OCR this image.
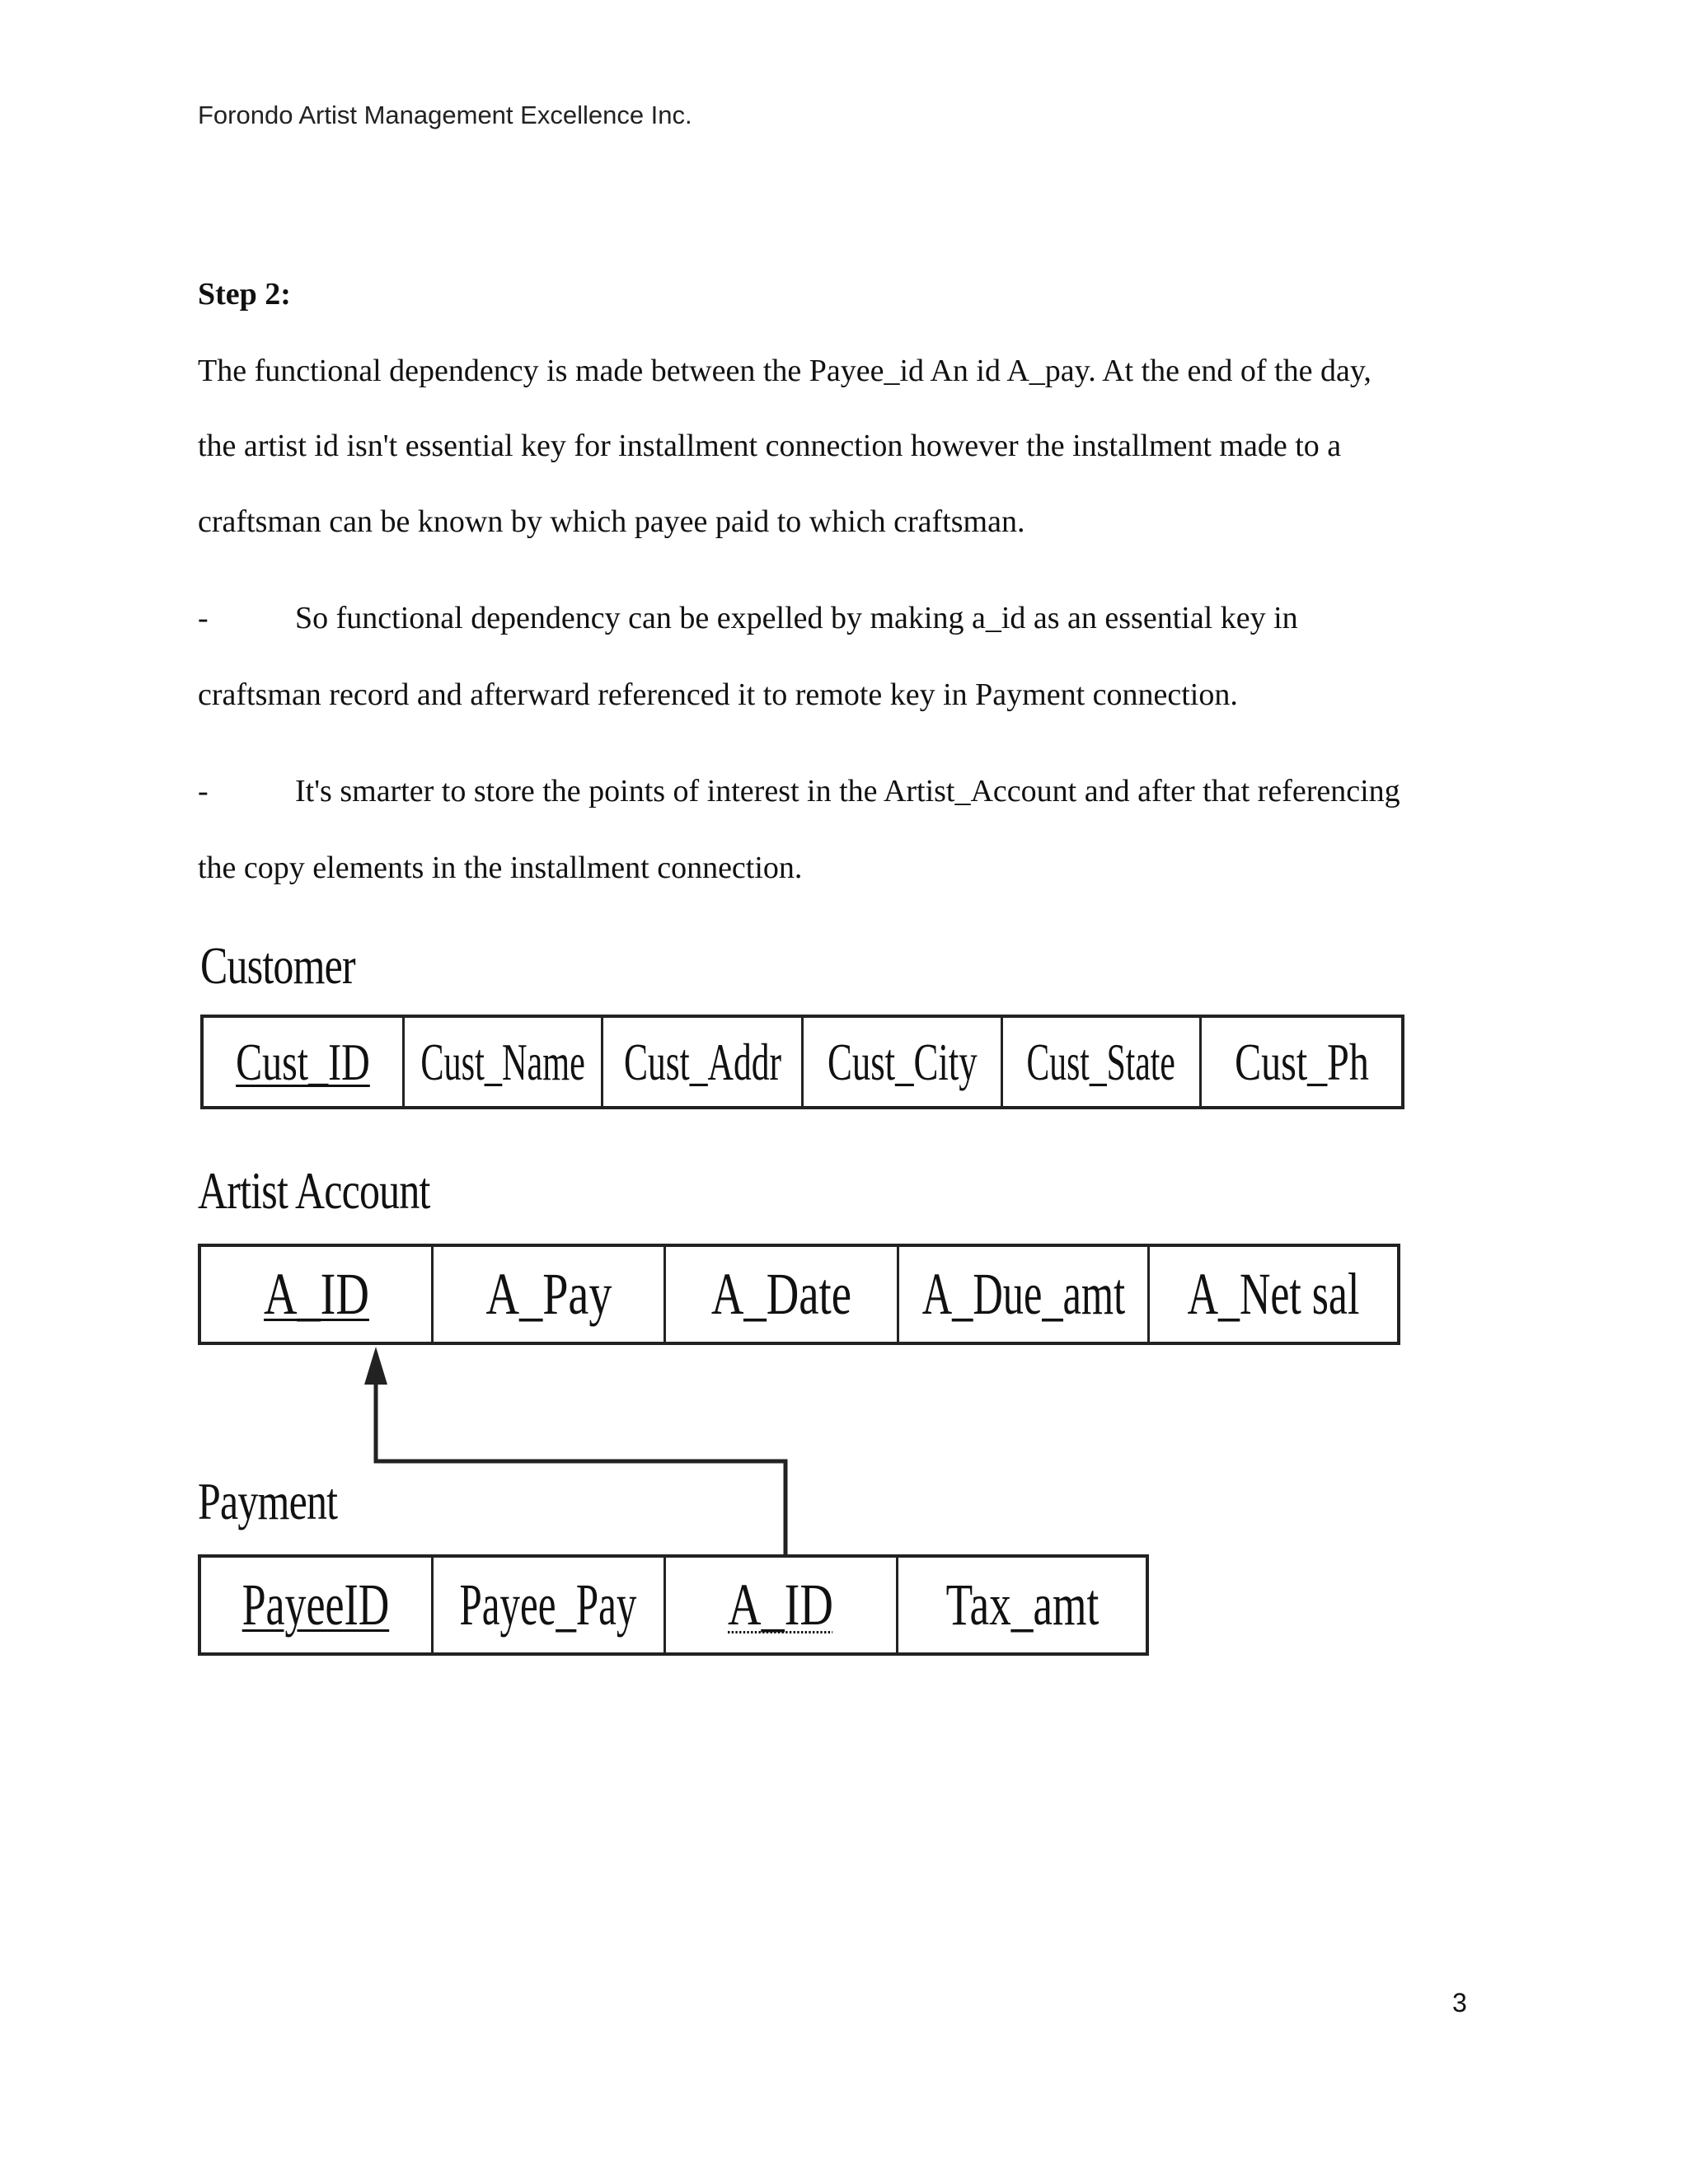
Forondo Artist Management Excellence Inc.
Step 2:
The functional dependency is made between the Payee_id An id A_pay. At the end of the day,
the artist id isn't essential key for installment connection however the installment made to a
craftsman can be known by which payee paid to which craftsman.
-	So functional dependency can be expelled by making a_id as an essential key in
craftsman record and afterward referenced it to remote key in Payment connection.
-	It's smarter to store the points of interest in the Artist_Account and after that referencing
the copy elements in the installment connection.
Customer
Cust_ID Cust_Name Cust_Addr Cust_City Cust_State Cust_Ph
Artist Account
A_ID A_Pay A_Date A_Due_amt A_Net sal
Payment
PayeeID Payee_Pay A_ID Tax_amt
3
